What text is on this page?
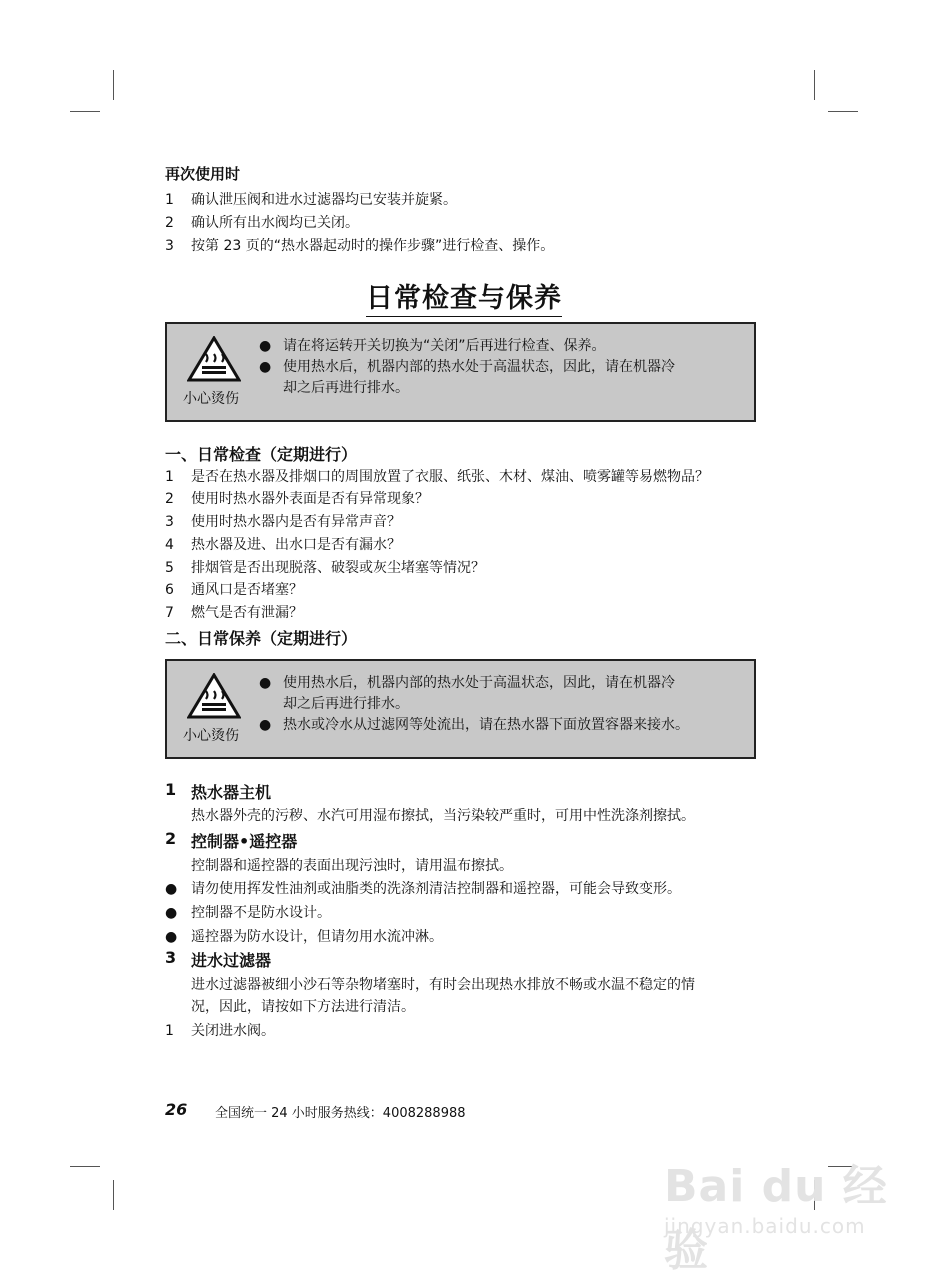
再次使用时
1 确认泄压阀和进水过滤器均已安装并旋紧。
2 确认所有出水阀均已关闭。
3 按第 23 页的“热水器起动时的操作步骤”进行检查、操作。
日常检查与保养
小心烫伤
● 请在将运转开关切换为“关闭”后再进行检查、保养。
● 使用热水后，机器内部的热水处于高温状态，因此，请在机器冷
却之后再进行排水。
一、日常检查（定期进行）
1 是否在热水器及排烟口的周围放置了衣服、纸张、木材、煤油、喷雾罐等易燃物品？
2 使用时热水器外表面是否有异常现象？
3 使用时热水器内是否有异常声音？
4 热水器及进、出水口是否有漏水？
5 排烟管是否出现脱落、破裂或灰尘堵塞等情况？
6 通风口是否堵塞？
7 燃气是否有泄漏？
二、日常保养（定期进行）
小心烫伤
● 使用热水后，机器内部的热水处于高温状态，因此，请在机器冷
却之后再进行排水。
● 热水或冷水从过滤网等处流出，请在热水器下面放置容器来接水。
1 热水器主机
热水器外壳的污秽、水汽可用湿布擦拭，当污染较严重时，可用中性洗涤剂擦拭。
2 控制器•遥控器
控制器和遥控器的表面出现污浊时，请用温布擦拭。
● 请勿使用挥发性油剂或油脂类的洗涤剂清洁控制器和遥控器，可能会导致变形。
● 控制器不是防水设计。
● 遥控器为防水设计，但请勿用水流冲淋。
3 进水过滤器
进水过滤器被细小沙石等杂物堵塞时，有时会出现热水排放不畅或水温不稳定的情
况，因此，请按如下方法进行清洁。
1 关闭进水阀。
26 全国统一 24 小时服务热线：4008288988
Bai du 经验
jingyan.baidu.com
